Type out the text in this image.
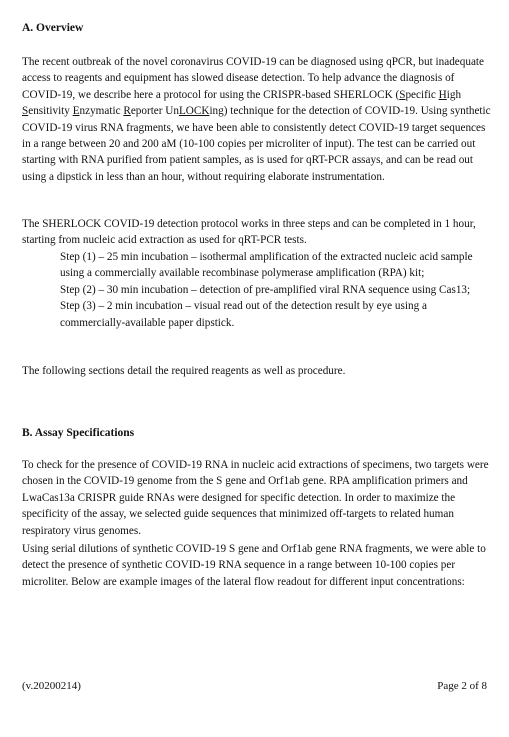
A. Overview
The recent outbreak of the novel coronavirus COVID-19 can be diagnosed using qPCR, but inadequate access to reagents and equipment has slowed disease detection. To help advance the diagnosis of COVID-19, we describe here a protocol for using the CRISPR-based SHERLOCK (Specific High Sensitivity Enzymatic Reporter UnLOCKing) technique for the detection of COVID-19. Using synthetic COVID-19 virus RNA fragments, we have been able to consistently detect COVID-19 target sequences in a range between 20 and 200 aM (10-100 copies per microliter of input). The test can be carried out starting with RNA purified from patient samples, as is used for qRT-PCR assays, and can be read out using a dipstick in less than an hour, without requiring elaborate instrumentation.
The SHERLOCK COVID-19 detection protocol works in three steps and can be completed in 1 hour, starting from nucleic acid extraction as used for qRT-PCR tests.
Step (1) – 25 min incubation – isothermal amplification of the extracted nucleic acid sample using a commercially available recombinase polymerase amplification (RPA) kit;
Step (2) – 30 min incubation – detection of pre-amplified viral RNA sequence using Cas13;
Step (3) – 2 min incubation – visual read out of the detection result by eye using a commercially-available paper dipstick.
The following sections detail the required reagents as well as procedure.
B. Assay Specifications
To check for the presence of COVID-19 RNA in nucleic acid extractions of specimens, two targets were chosen in the COVID-19 genome from the S gene and Orf1ab gene. RPA amplification primers and LwaCas13a CRISPR guide RNAs were designed for specific detection. In order to maximize the specificity of the assay, we selected guide sequences that minimized off-targets to related human respiratory virus genomes.
Using serial dilutions of synthetic COVID-19 S gene and Orf1ab gene RNA fragments, we were able to detect the presence of synthetic COVID-19 RNA sequence in a range between 10-100 copies per microliter. Below are example images of the lateral flow readout for different input concentrations:
(v.20200214)	Page 2 of 8
